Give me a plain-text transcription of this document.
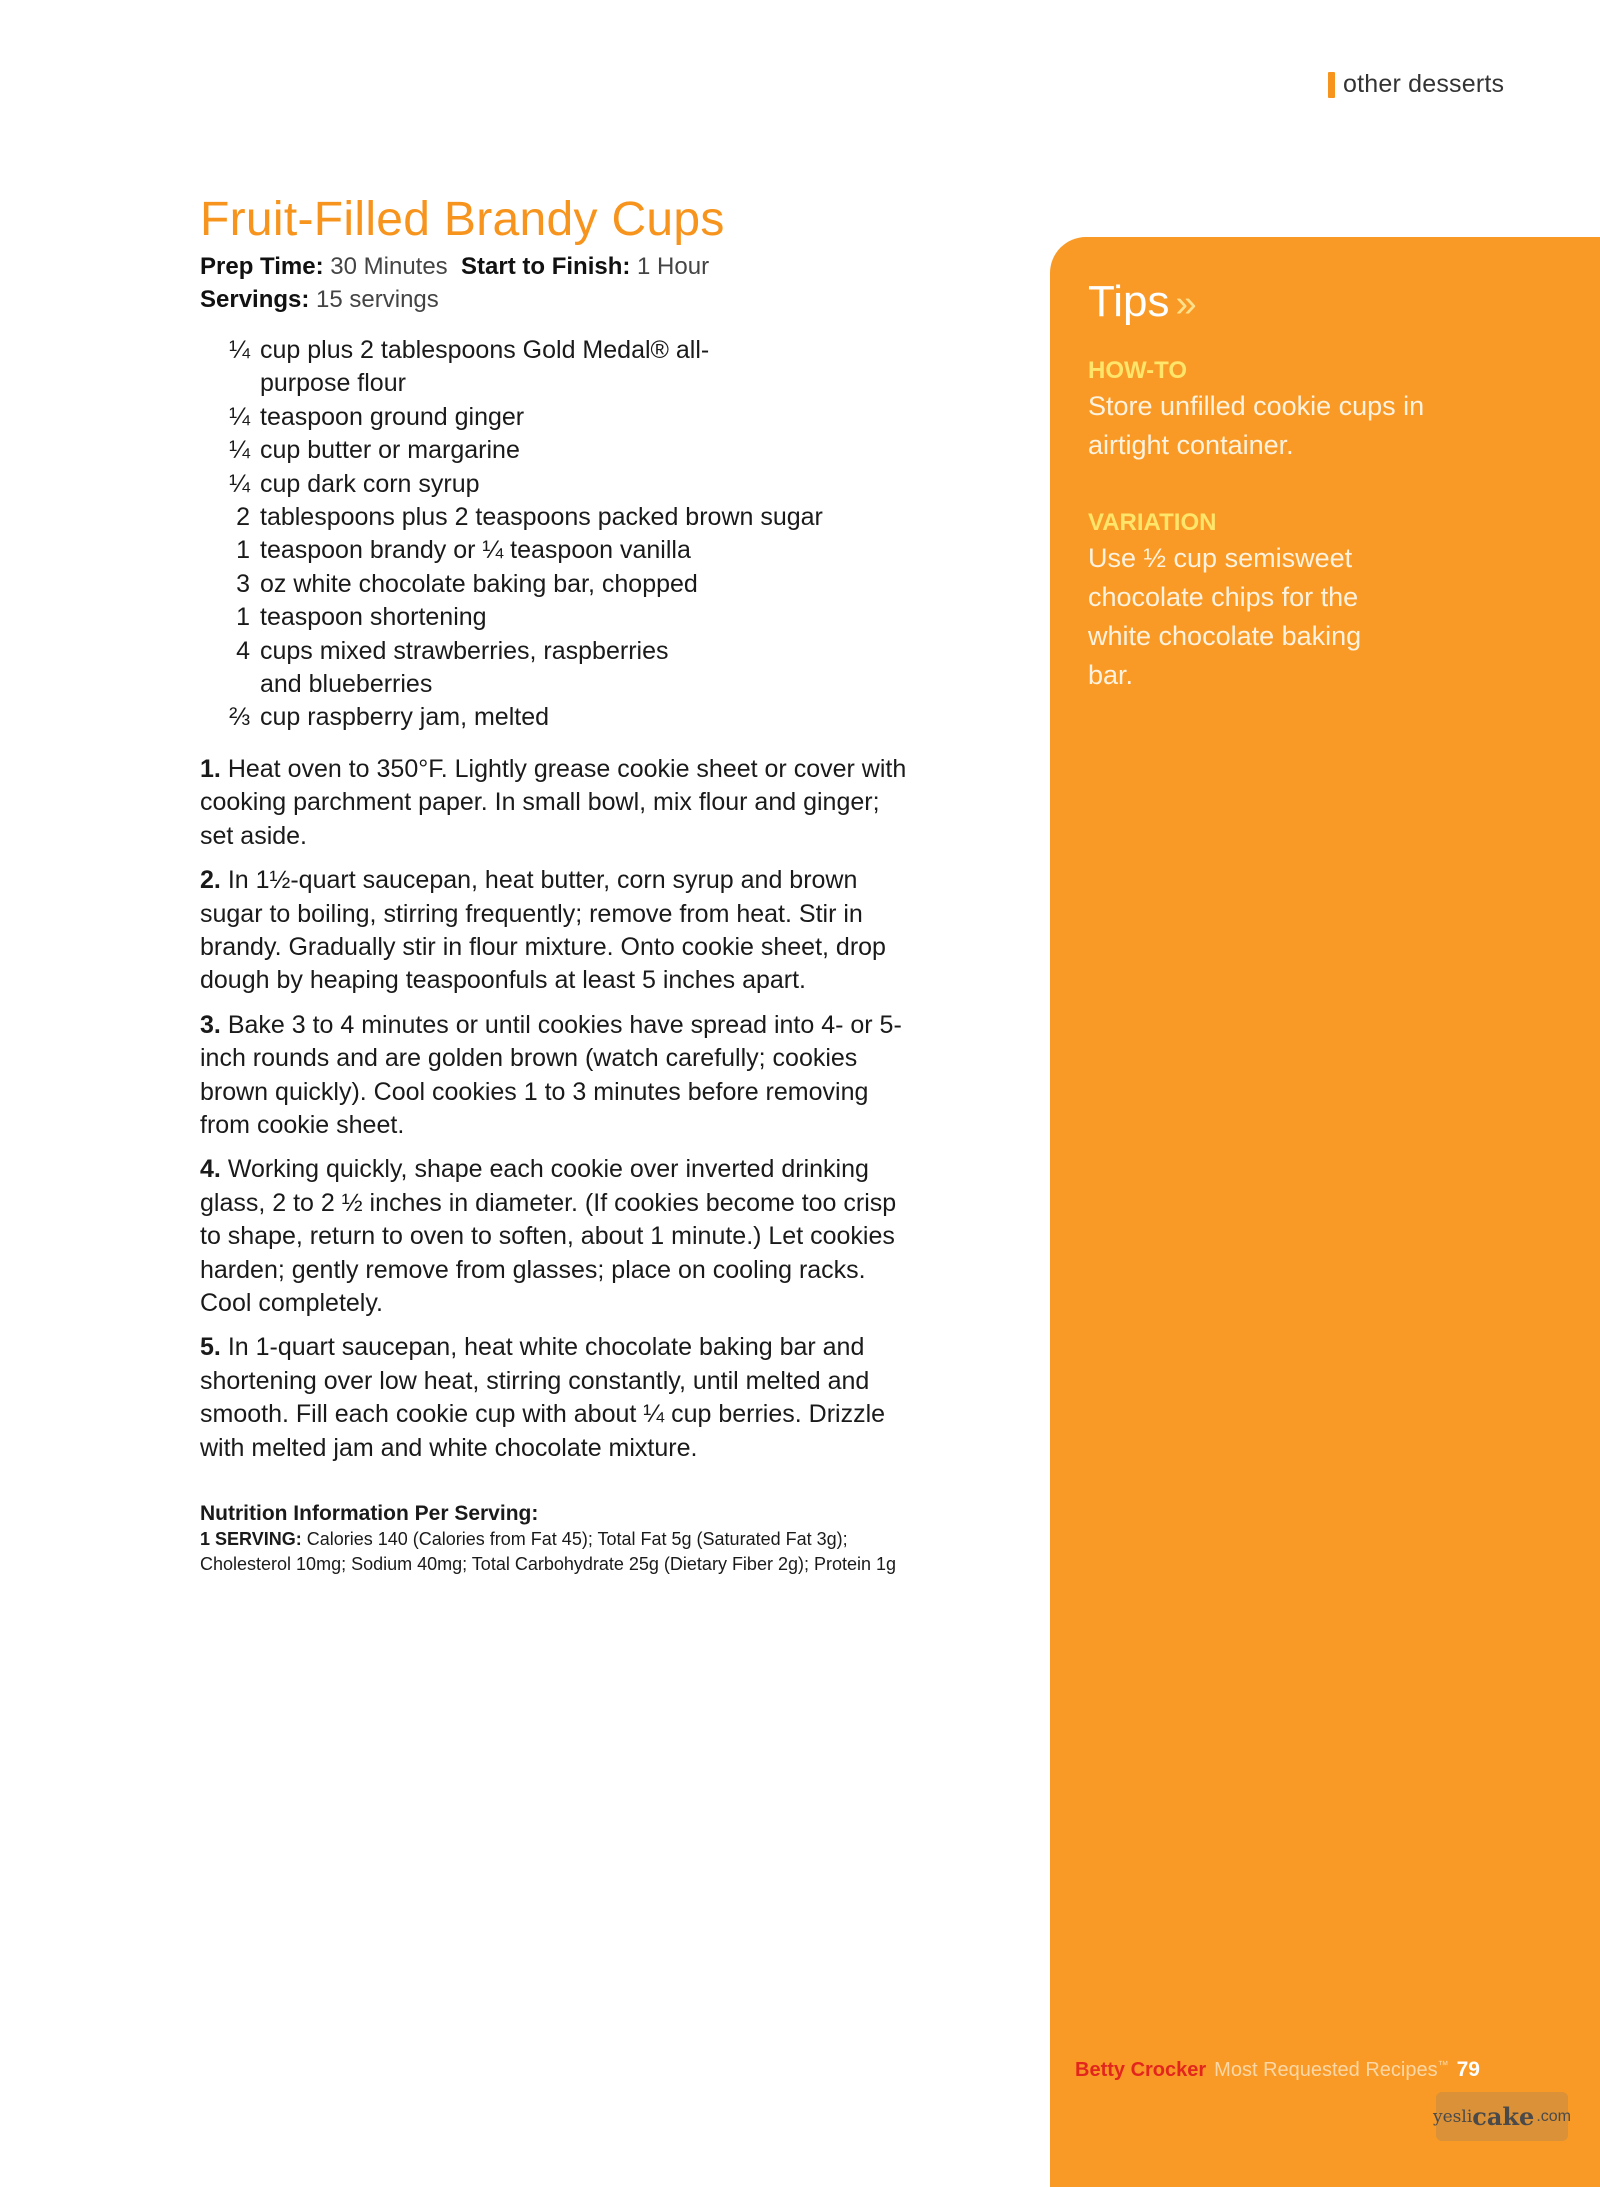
other desserts
Fruit-Filled Brandy Cups
Prep Time: 30 Minutes Start to Finish: 1 Hour
Servings: 15 servings
¼ cup plus 2 tablespoons Gold Medal® all-purpose flour
¼ teaspoon ground ginger
¼ cup butter or margarine
¼ cup dark corn syrup
2 tablespoons plus 2 teaspoons packed brown sugar
1 teaspoon brandy or ¼ teaspoon vanilla
3 oz white chocolate baking bar, chopped
1 teaspoon shortening
4 cups mixed strawberries, raspberries and blueberries
⅔ cup raspberry jam, melted
1. Heat oven to 350°F. Lightly grease cookie sheet or cover with cooking parchment paper. In small bowl, mix flour and ginger; set aside.
2. In 1½-quart saucepan, heat butter, corn syrup and brown sugar to boiling, stirring frequently; remove from heat. Stir in brandy. Gradually stir in flour mixture. Onto cookie sheet, drop dough by heaping teaspoonfuls at least 5 inches apart.
3. Bake 3 to 4 minutes or until cookies have spread into 4- or 5-inch rounds and are golden brown (watch carefully; cookies brown quickly). Cool cookies 1 to 3 minutes before removing from cookie sheet.
4. Working quickly, shape each cookie over inverted drinking glass, 2 to 2 ½ inches in diameter. (If cookies become too crisp to shape, return to oven to soften, about 1 minute.) Let cookies harden; gently remove from glasses; place on cooling racks. Cool completely.
5. In 1-quart saucepan, heat white chocolate baking bar and shortening over low heat, stirring constantly, until melted and smooth. Fill each cookie cup with about ¼ cup berries. Drizzle with melted jam and white chocolate mixture.
Nutrition Information Per Serving:
1 SERVING: Calories 140 (Calories from Fat 45); Total Fat 5g (Saturated Fat 3g); Cholesterol 10mg; Sodium 40mg; Total Carbohydrate 25g (Dietary Fiber 2g); Protein 1g
Tips »
HOW-TO
Store unfilled cookie cups in airtight container.
VARIATION
Use ½ cup semisweet chocolate chips for the white chocolate baking bar.
Betty Crocker Most Requested Recipes™ 79
yesli cake .com
